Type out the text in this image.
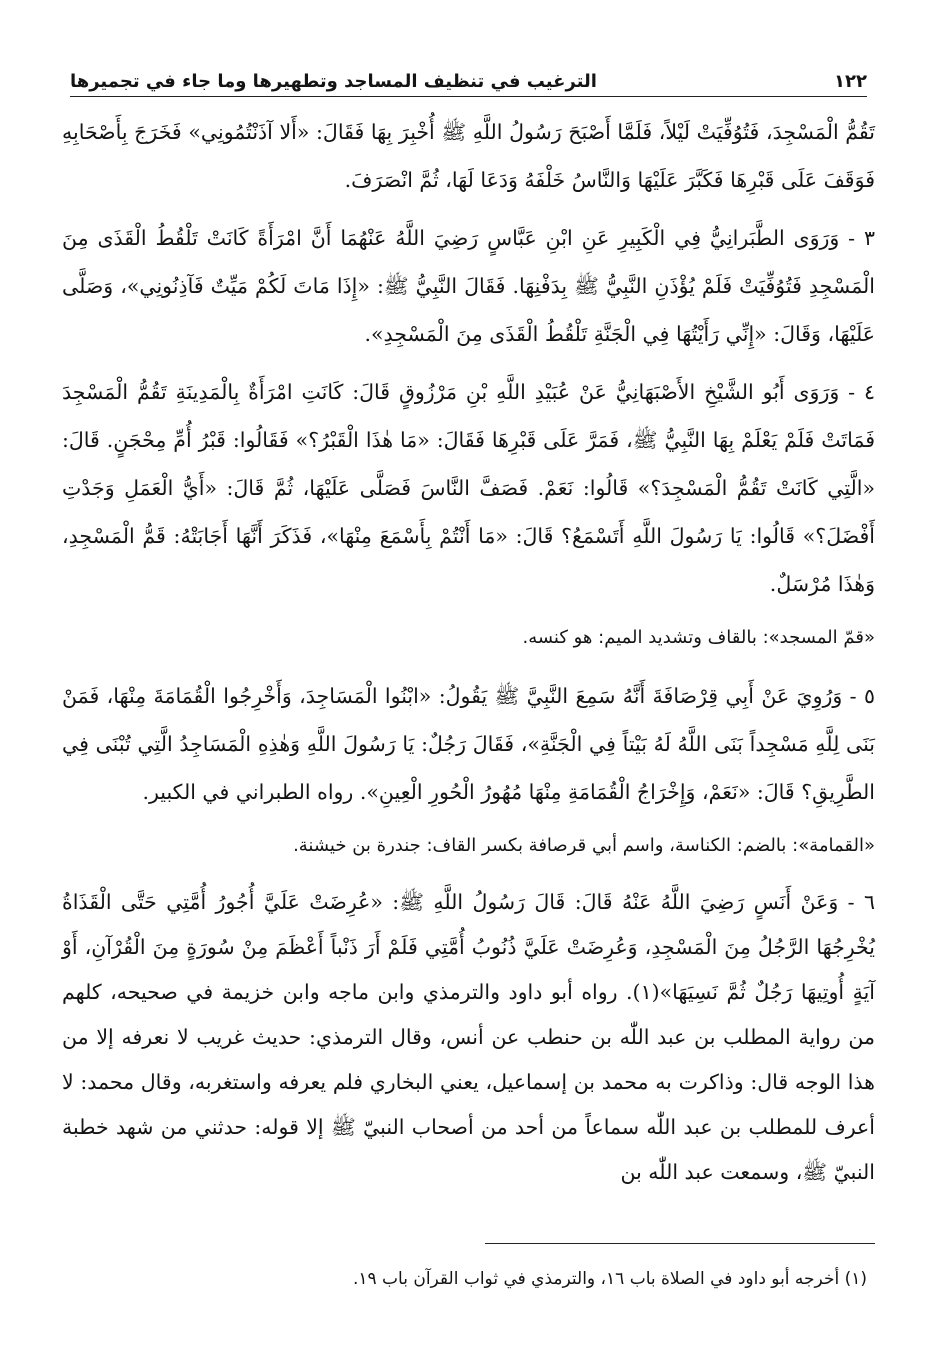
١٢٢
الترغيب في تنظيف المساجد وتطهيرها وما جاء في تجميرها

تَقُمُّ الْمَسْجِدَ، فَتُوُفِّيَتْ لَيْلاً، فَلَمَّا أَصْبَحَ رَسُولُ اللَّهِ ﷺ أُخْبِرَ بِهَا فَقَالَ: «أَلا آذَنْتُمُونِي» فَخَرَجَ بِأَصْحَابِهِ فَوَقَفَ عَلَى قَبْرِهَا فَكَبَّرَ عَلَيْهَا وَالنَّاسُ خَلْفَهُ وَدَعَا لَهَا، ثُمَّ انْصَرَفَ.

٣ - وَرَوَى الطَّبَرانِيُّ فِي الْكَبِيرِ عَنِ ابْنِ عَبَّاسٍ رَضِيَ اللَّهُ عَنْهُمَا أَنَّ امْرَأَةً كَانَتْ تَلْقُطُ الْقَذَى مِنَ الْمَسْجِدِ فَتُوُفِّيَتْ فَلَمْ يُؤْذَنِ النَّبِيُّ ﷺ بِدَفْنِهَا. فَقَالَ النَّبِيُّ ﷺ: «إِذَا مَاتَ لَكُمْ مَيِّتٌ فَآذِنُونِي»، وَصَلَّى عَلَيْهَا، وَقَالَ: «إِنِّي رَأَيْتُهَا فِي الْجَنَّةِ تَلْقُطُ الْقَذَى مِنَ الْمَسْجِدِ».

٤ - وَرَوَى أَبُو الشَّيْخِ الأَصْبَهَانِيُّ عَنْ عُبَيْدِ اللَّهِ بْنِ مَرْزُوقٍ قَالَ: كَانَتِ امْرَأَةٌ بِالْمَدِينَةِ تَقُمُّ الْمَسْجِدَ فَمَاتَتْ فَلَمْ يَعْلَمْ بِهَا النَّبِيُّ ﷺ، فَمَرَّ عَلَى قَبْرِهَا فَقَالَ: «مَا هٰذَا الْقَبْرُ؟» فَقَالُوا: قَبْرُ أُمِّ مِحْجَنٍ. قَالَ: «الَّتِي كَانَتْ تَقُمُّ الْمَسْجِدَ؟» قَالُوا: نَعَمْ. فَصَفَّ النَّاسَ فَصَلَّى عَلَيْهَا، ثُمَّ قَالَ: «أَيُّ الْعَمَلِ وَجَدْتِ أَفْضَلَ؟» قَالُوا: يَا رَسُولَ اللَّهِ أَتَسْمَعُ؟ قَالَ: «مَا أَنْتُمْ بِأَسْمَعَ مِنْهَا»، فَذَكَرَ أَنَّهَا أَجَابَتْهُ: قَمُّ الْمَسْجِدِ، وَهٰذَا مُرْسَلٌ.

«قمّ المسجد»: بالقاف وتشديد الميم: هو كنسه.

٥ - وَرُوِيَ عَنْ أَبِي قِرْصَافَةَ أَنَّهُ سَمِعَ النَّبِيَّ ﷺ يَقُولُ: «ابْنُوا الْمَسَاجِدَ، وَأَخْرِجُوا الْقُمَامَةَ مِنْهَا، فَمَنْ بَنَى لِلَّهِ مَسْجِداً بَنَى اللَّهُ لَهُ بَيْتاً فِي الْجَنَّةِ»، فَقَالَ رَجُلٌ: يَا رَسُولَ اللَّهِ وَهٰذِهِ الْمَسَاجِدُ الَّتِي تُبْنَى فِي الطَّرِيقِ؟ قَالَ: «نَعَمْ، وَإِخْرَاجُ الْقُمَامَةِ مِنْهَا مُهُورُ الْحُورِ الْعِينِ». رواه الطبراني في الكبير.

«القمامة»: بالضم: الكناسة، واسم أبي قرصافة بكسر القاف: جندرة بن خيشنة.

٦ - وَعَنْ أَنَسٍ رَضِيَ اللَّهُ عَنْهُ قَالَ: قَالَ رَسُولُ اللَّهِ ﷺ: «عُرِضَتْ عَلَيَّ أُجُورُ أُمَّتِي حَتَّى الْقَذَاةُ يُخْرِجُهَا الرَّجُلُ مِنَ الْمَسْجِدِ، وَعُرِضَتْ عَلَيَّ ذُنُوبُ أُمَّتِي فَلَمْ أَرَ ذَنْباً أَعْظَمَ مِنْ سُورَةٍ مِنَ الْقُرْآنِ، أَوْ آيَةٍ أُوتِيهَا رَجُلٌ ثُمَّ نَسِيَهَا»(١). رواه أبو داود والترمذي وابن ماجه وابن خزيمة في صحيحه، كلهم من رواية المطلب بن عبد اللّٰه بن حنطب عن أنس، وقال الترمذي: حديث غريب لا نعرفه إلا من هذا الوجه قال: وذاكرت به محمد بن إسماعيل، يعني البخاري فلم يعرفه واستغربه، وقال محمد: لا أعرف للمطلب بن عبد اللّٰه سماعاً من أحد من أصحاب النبيّ ﷺ إلا قوله: حدثني من شهد خطبة النبيّ ﷺ، وسمعت عبد اللّٰه بن

(١) أخرجه أبو داود في الصلاة باب ١٦، والترمذي في ثواب القرآن باب ١٩.
